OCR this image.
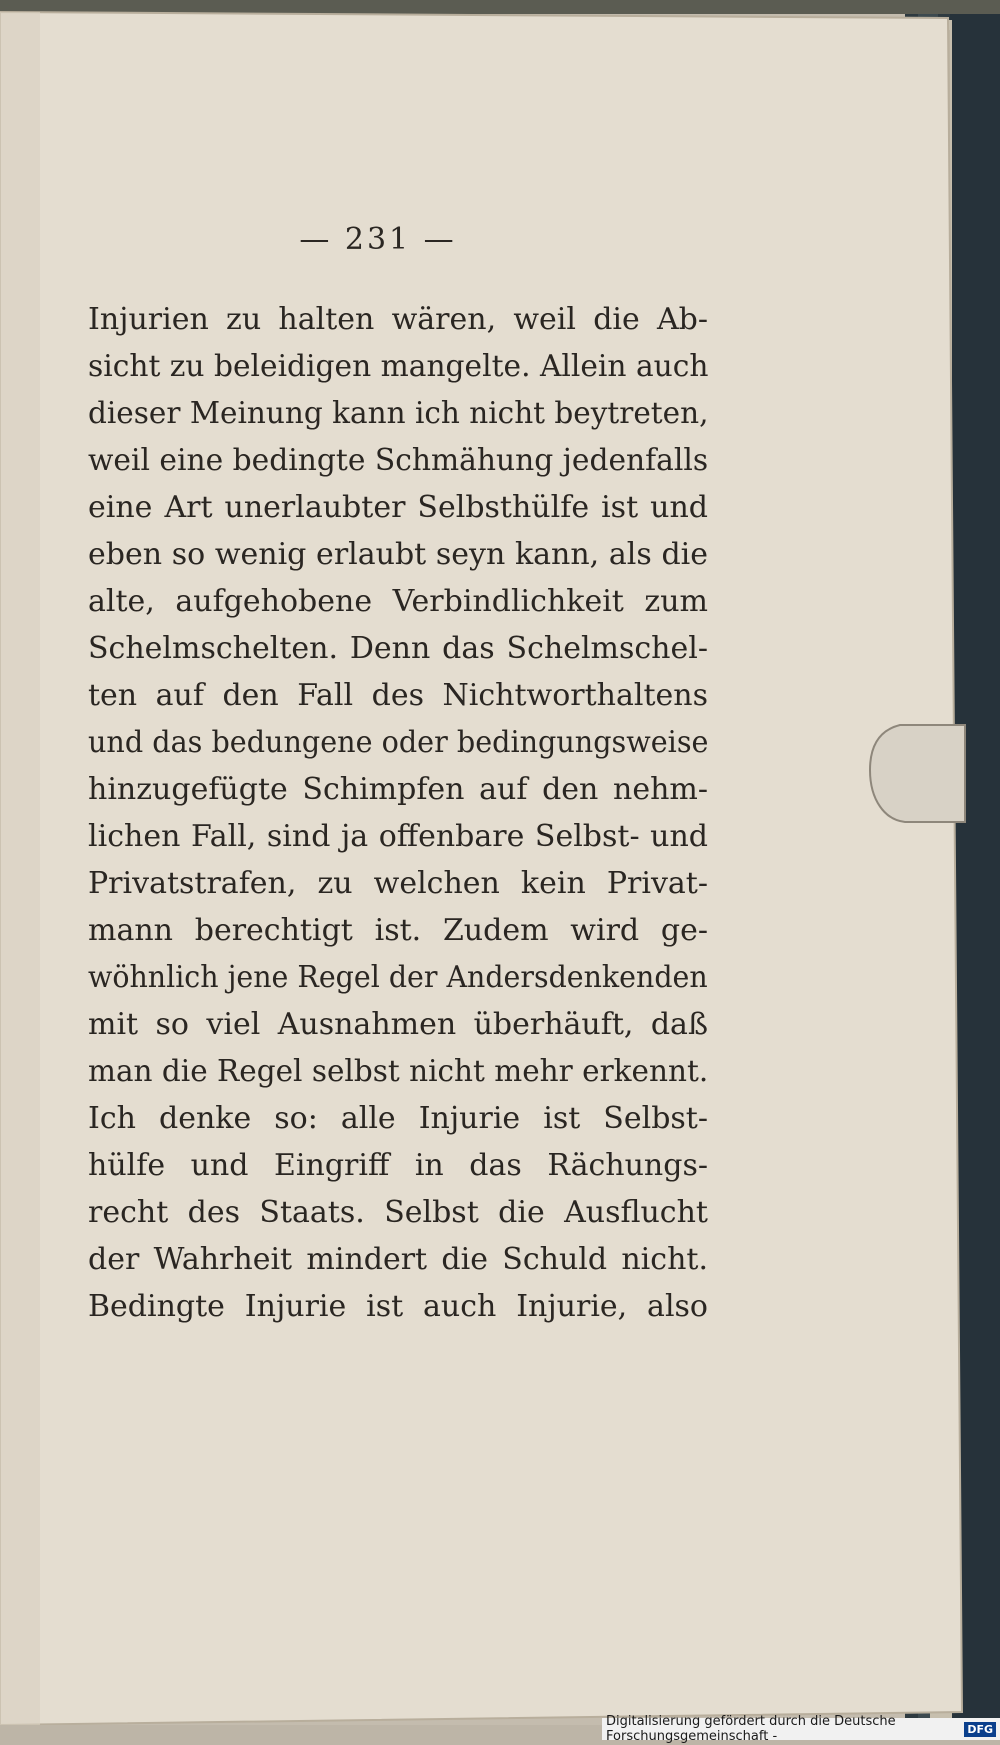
— 231 —
Injurien zu halten wären, weil die Ab-
sicht zu beleidigen mangelte. Allein auch
dieser Meinung kann ich nicht beytreten,
weil eine bedingte Schmähung jedenfalls
eine Art unerlaubter Selbsthülfe ist und
eben so wenig erlaubt seyn kann, als die
alte, aufgehobene Verbindlichkeit zum
Schelmschelten. Denn das Schelmschel-
ten auf den Fall des Nichtworthaltens
und das bedungene oder bedingungsweise
hinzugefügte Schimpfen auf den nehm-
lichen Fall, sind ja offenbare Selbst- und
Privatstrafen, zu welchen kein Privat-
mann berechtigt ist. Zudem wird ge-
wöhnlich jene Regel der Andersdenkenden
mit so viel Ausnahmen überhäuft, daß
man die Regel selbst nicht mehr erkennt.
Ich denke so: alle Injurie ist Selbst-
hülfe und Eingriff in das Rächungs-
recht des Staats. Selbst die Ausflucht
der Wahrheit mindert die Schuld nicht.
Bedingte Injurie ist auch Injurie, also
Digitalisierung gefördert durch die Deutsche Forschungsgemeinschaft -	DFG
